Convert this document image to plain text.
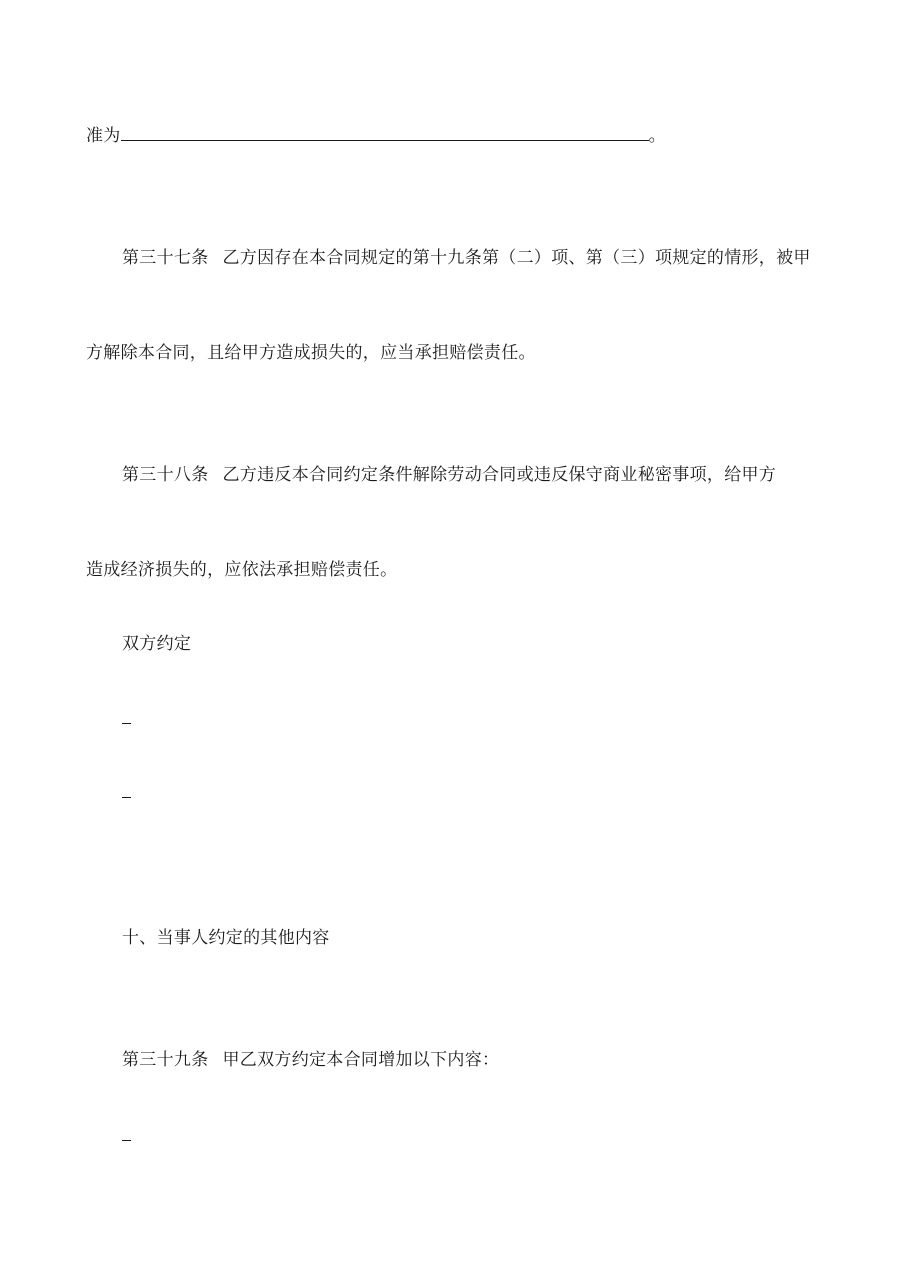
准为	。
第三十七条 乙方因存在本合同规定的第十九条第（二）项、第（三）项规定的情形，被甲
方解除本合同，且给甲方造成损失的，应当承担赔偿责任。
第三十八条 乙方违反本合同约定条件解除劳动合同或违反保守商业秘密事项，给甲方
造成经济损失的，应依法承担赔偿责任。
双方约定
十、当事人约定的其他内容
第三十九条 甲乙双方约定本合同增加以下内容：
